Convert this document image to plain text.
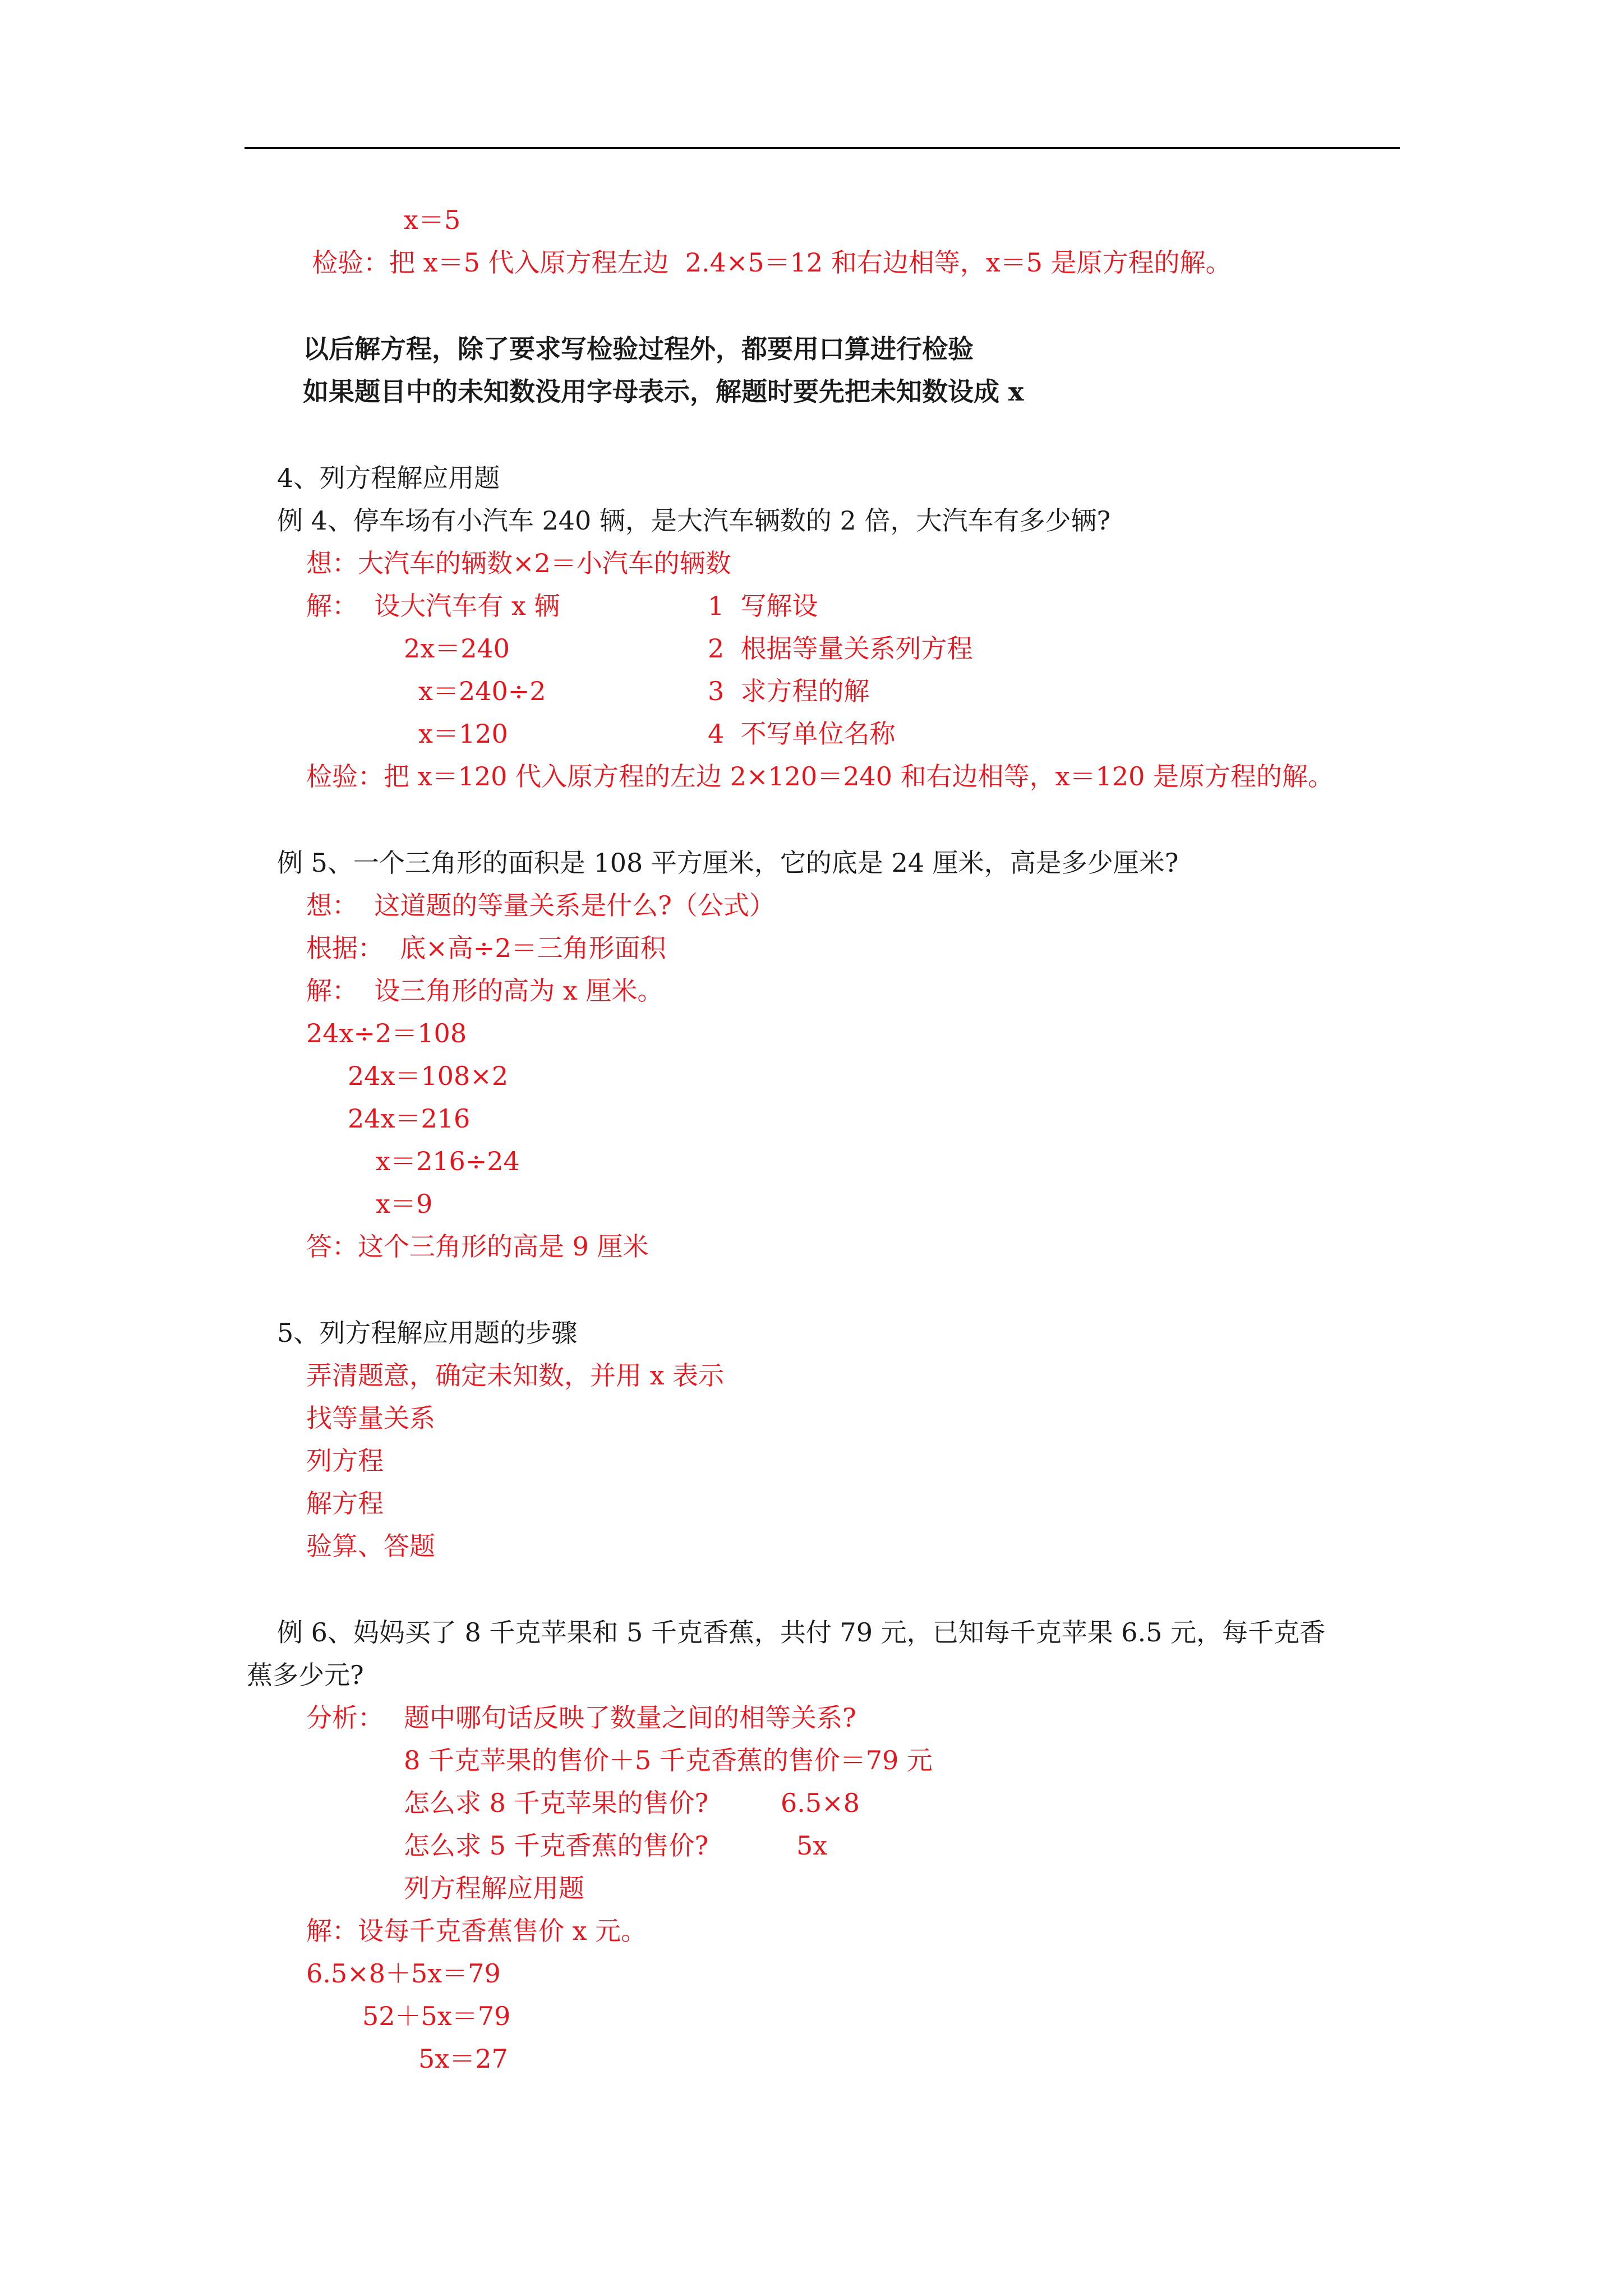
x＝5

检验：把 x＝5 代入原方程左边  2.4×5＝12 和右边相等，x＝5 是原方程的解。

以后解方程，除了要求写检验过程外，都要用口算进行检验

如果题目中的未知数没用字母表示，解题时要先把未知数设成 x

4、列方程解应用题

例 4、停车场有小汽车 240 辆，是大汽车辆数的 2 倍，大汽车有多少辆?

想：大汽车的辆数×2＝小汽车的辆数

解：  设大汽车有 x 辆	1  写解设

2x＝240	2  根据等量关系列方程

x＝240÷2	3  求方程的解

x＝120	4  不写单位名称

检验：把 x＝120 代入原方程的左边 2×120＝240 和右边相等，x＝120 是原方程的解。

例 5、一个三角形的面积是 108 平方厘米，它的底是 24 厘米，高是多少厘米?

想：  这道题的等量关系是什么?（公式）

根据：  底×高÷2＝三角形面积

解：  设三角形的高为 x 厘米。

24x÷2＝108

24x＝108×2

24x＝216

x＝216÷24

x＝9

答：这个三角形的高是 9 厘米

5、列方程解应用题的步骤

弄清题意，确定未知数，并用 x 表示

找等量关系

列方程

解方程

验算、答题

例 6、妈妈买了 8 千克苹果和 5 千克香蕉，共付 79 元，已知每千克苹果 6.5 元，每千克香

蕉多少元?

分析： 题中哪句话反映了数量之间的相等关系?

8 千克苹果的售价＋5 千克香蕉的售价＝79 元

怎么求 8 千克苹果的售价?	6.5×8

怎么求 5 千克香蕉的售价?	5x

列方程解应用题

解：设每千克香蕉售价 x 元。

6.5×8＋5x＝79

52＋5x＝79

5x＝27
